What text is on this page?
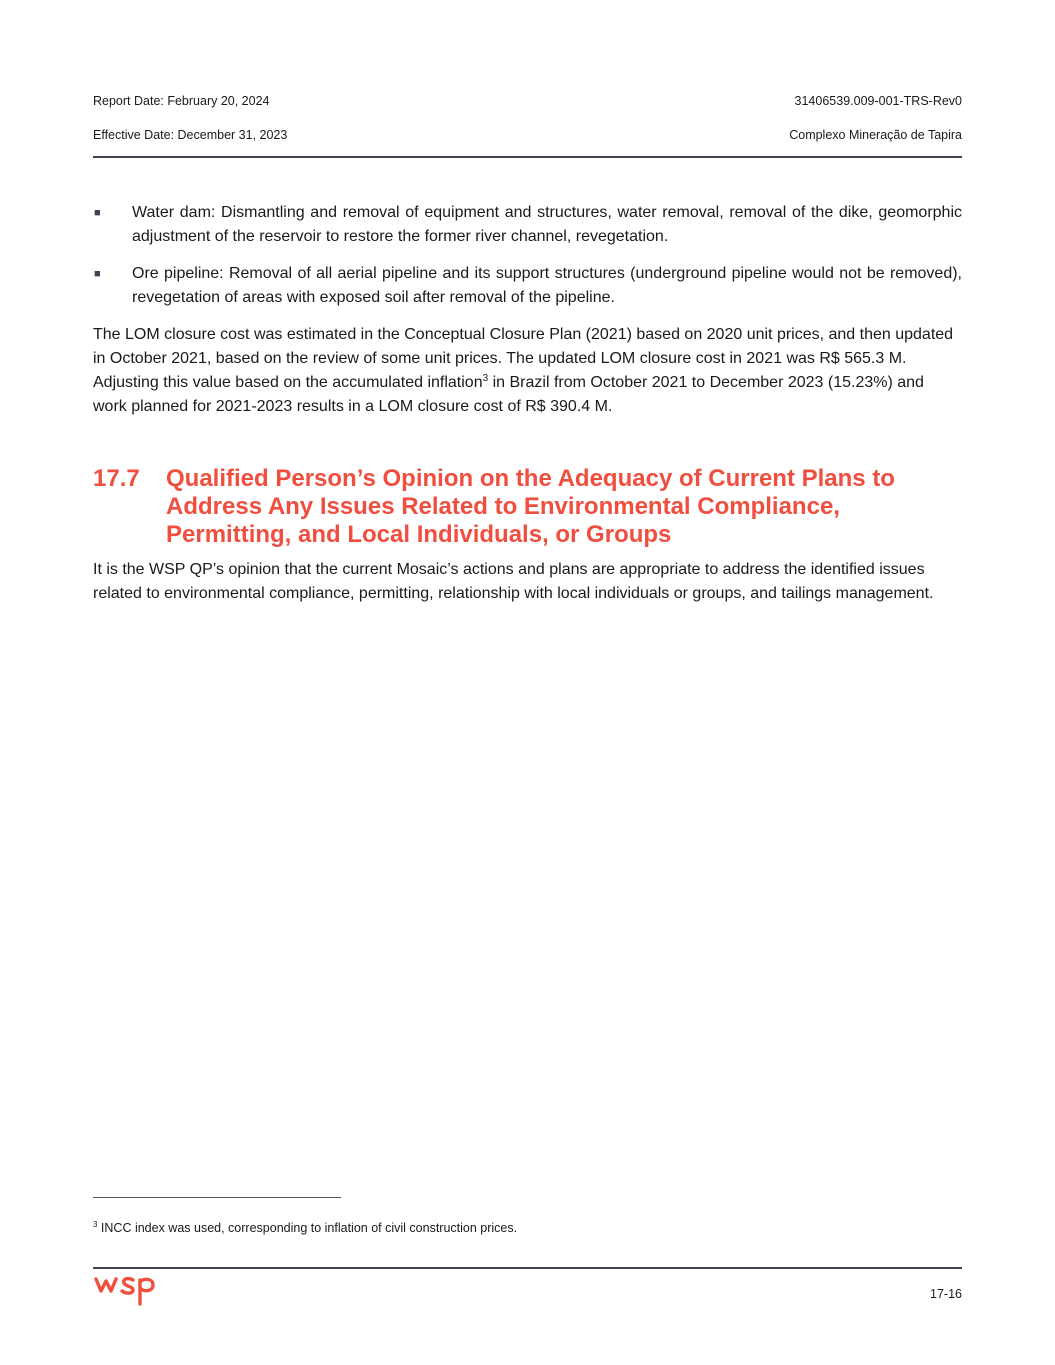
Report Date: February 20, 2024
Effective Date: December 31, 2023
31406539.009-001-TRS-Rev0
Complexo Mineração de Tapira
■ Water dam: Dismantling and removal of equipment and structures, water removal, removal of the dike, geomorphic adjustment of the reservoir to restore the former river channel, revegetation.
■ Ore pipeline: Removal of all aerial pipeline and its support structures (underground pipeline would not be removed), revegetation of areas with exposed soil after removal of the pipeline.

The LOM closure cost was estimated in the Conceptual Closure Plan (2021) based on 2020 unit prices, and then updated in October 2021, based on the review of some unit prices. The updated LOM closure cost in 2021 was R$ 565.3 M. Adjusting this value based on the accumulated inflation$^3$ in Brazil from October 2021 to December 2023 (15.23%) and work planned for 2021-2023 results in a LOM closure cost of R$ 390.4 M.

17.7	Qualified Person’s Opinion on the Adequacy of Current Plans to Address Any Issues Related to Environmental Compliance, Permitting, and Local Individuals, or Groups

It is the WSP QP’s opinion that the current Mosaic’s actions and plans are appropriate to address the identified issues related to environmental compliance, permitting, relationship with local individuals or groups, and tailings management.

$^3$ INCC index was used, corresponding to inflation of civil construction prices.
17-16
